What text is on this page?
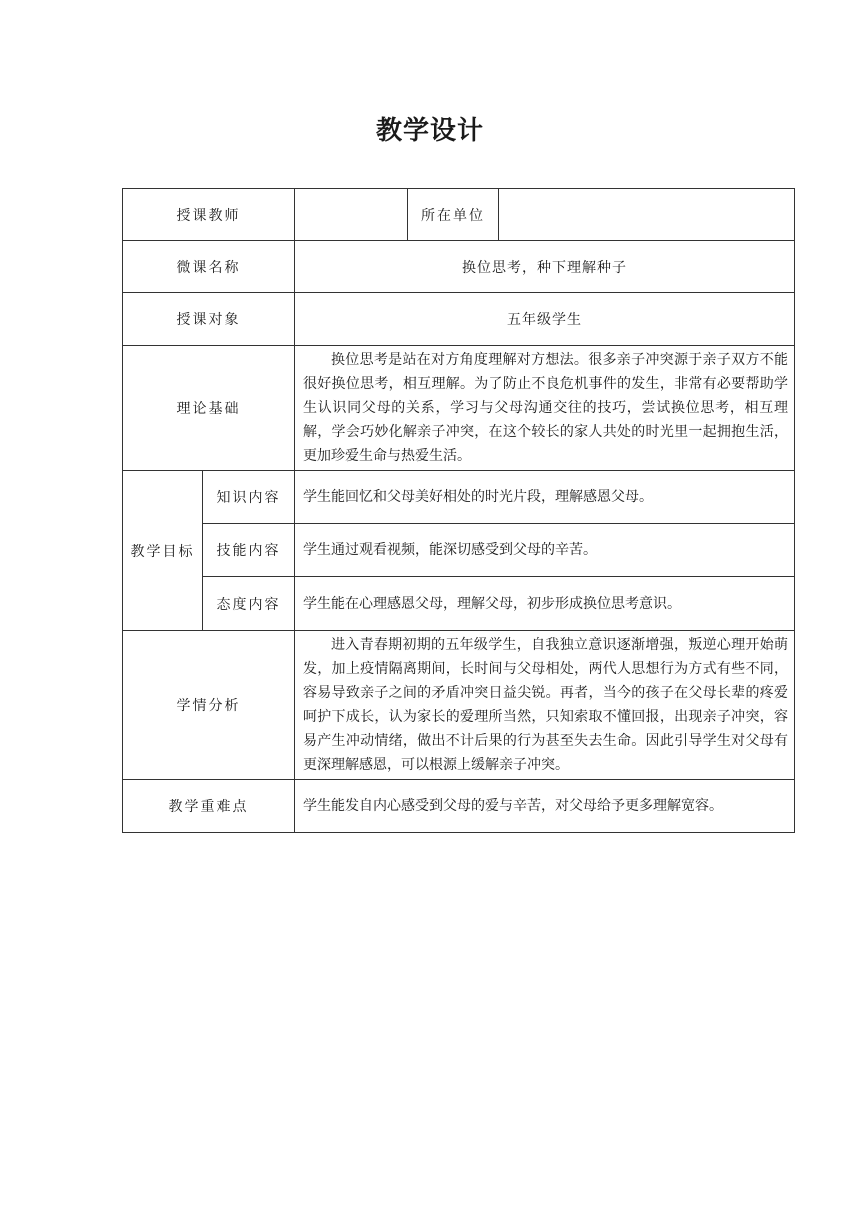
教学设计
授课教师			所在单位	
微课名称		换位思考，种下理解种子		
授课对象		五年级学生		
理论基础		换位思考是站在对方角度理解对方想法。很多亲子冲突源于亲子双方不能很好换位思考，相互理解。为了防止不良危机事件的发生，非常有必要帮助学生认识同父母的关系，学习与父母沟通交往的技巧，尝试换位思考，相互理解，学会巧妙化解亲子冲突，在这个较长的家人共处的时光里一起拥抱生活，更加珍爱生命与热爱生活。		
教学目标	知识内容	学生能回忆和父母美好相处的时光片段，理解感恩父母。		
	技能内容	学生通过观看视频，能深切感受到父母的辛苦。		
	态度内容	学生能在心理感恩父母，理解父母，初步形成换位思考意识。		
学情分析		进入青春期初期的五年级学生，自我独立意识逐渐增强，叛逆心理开始萌发，加上疫情隔离期间，长时间与父母相处，两代人思想行为方式有些不同，容易导致亲子之间的矛盾冲突日益尖锐。再者，当今的孩子在父母长辈的疼爱呵护下成长，认为家长的爱理所当然，只知索取不懂回报，出现亲子冲突，容易产生冲动情绪，做出不计后果的行为甚至失去生命。因此引导学生对父母有更深理解感恩，可以根源上缓解亲子冲突。		
教学重难点		学生能发自内心感受到父母的爱与辛苦，对父母给予更多理解宽容。		
